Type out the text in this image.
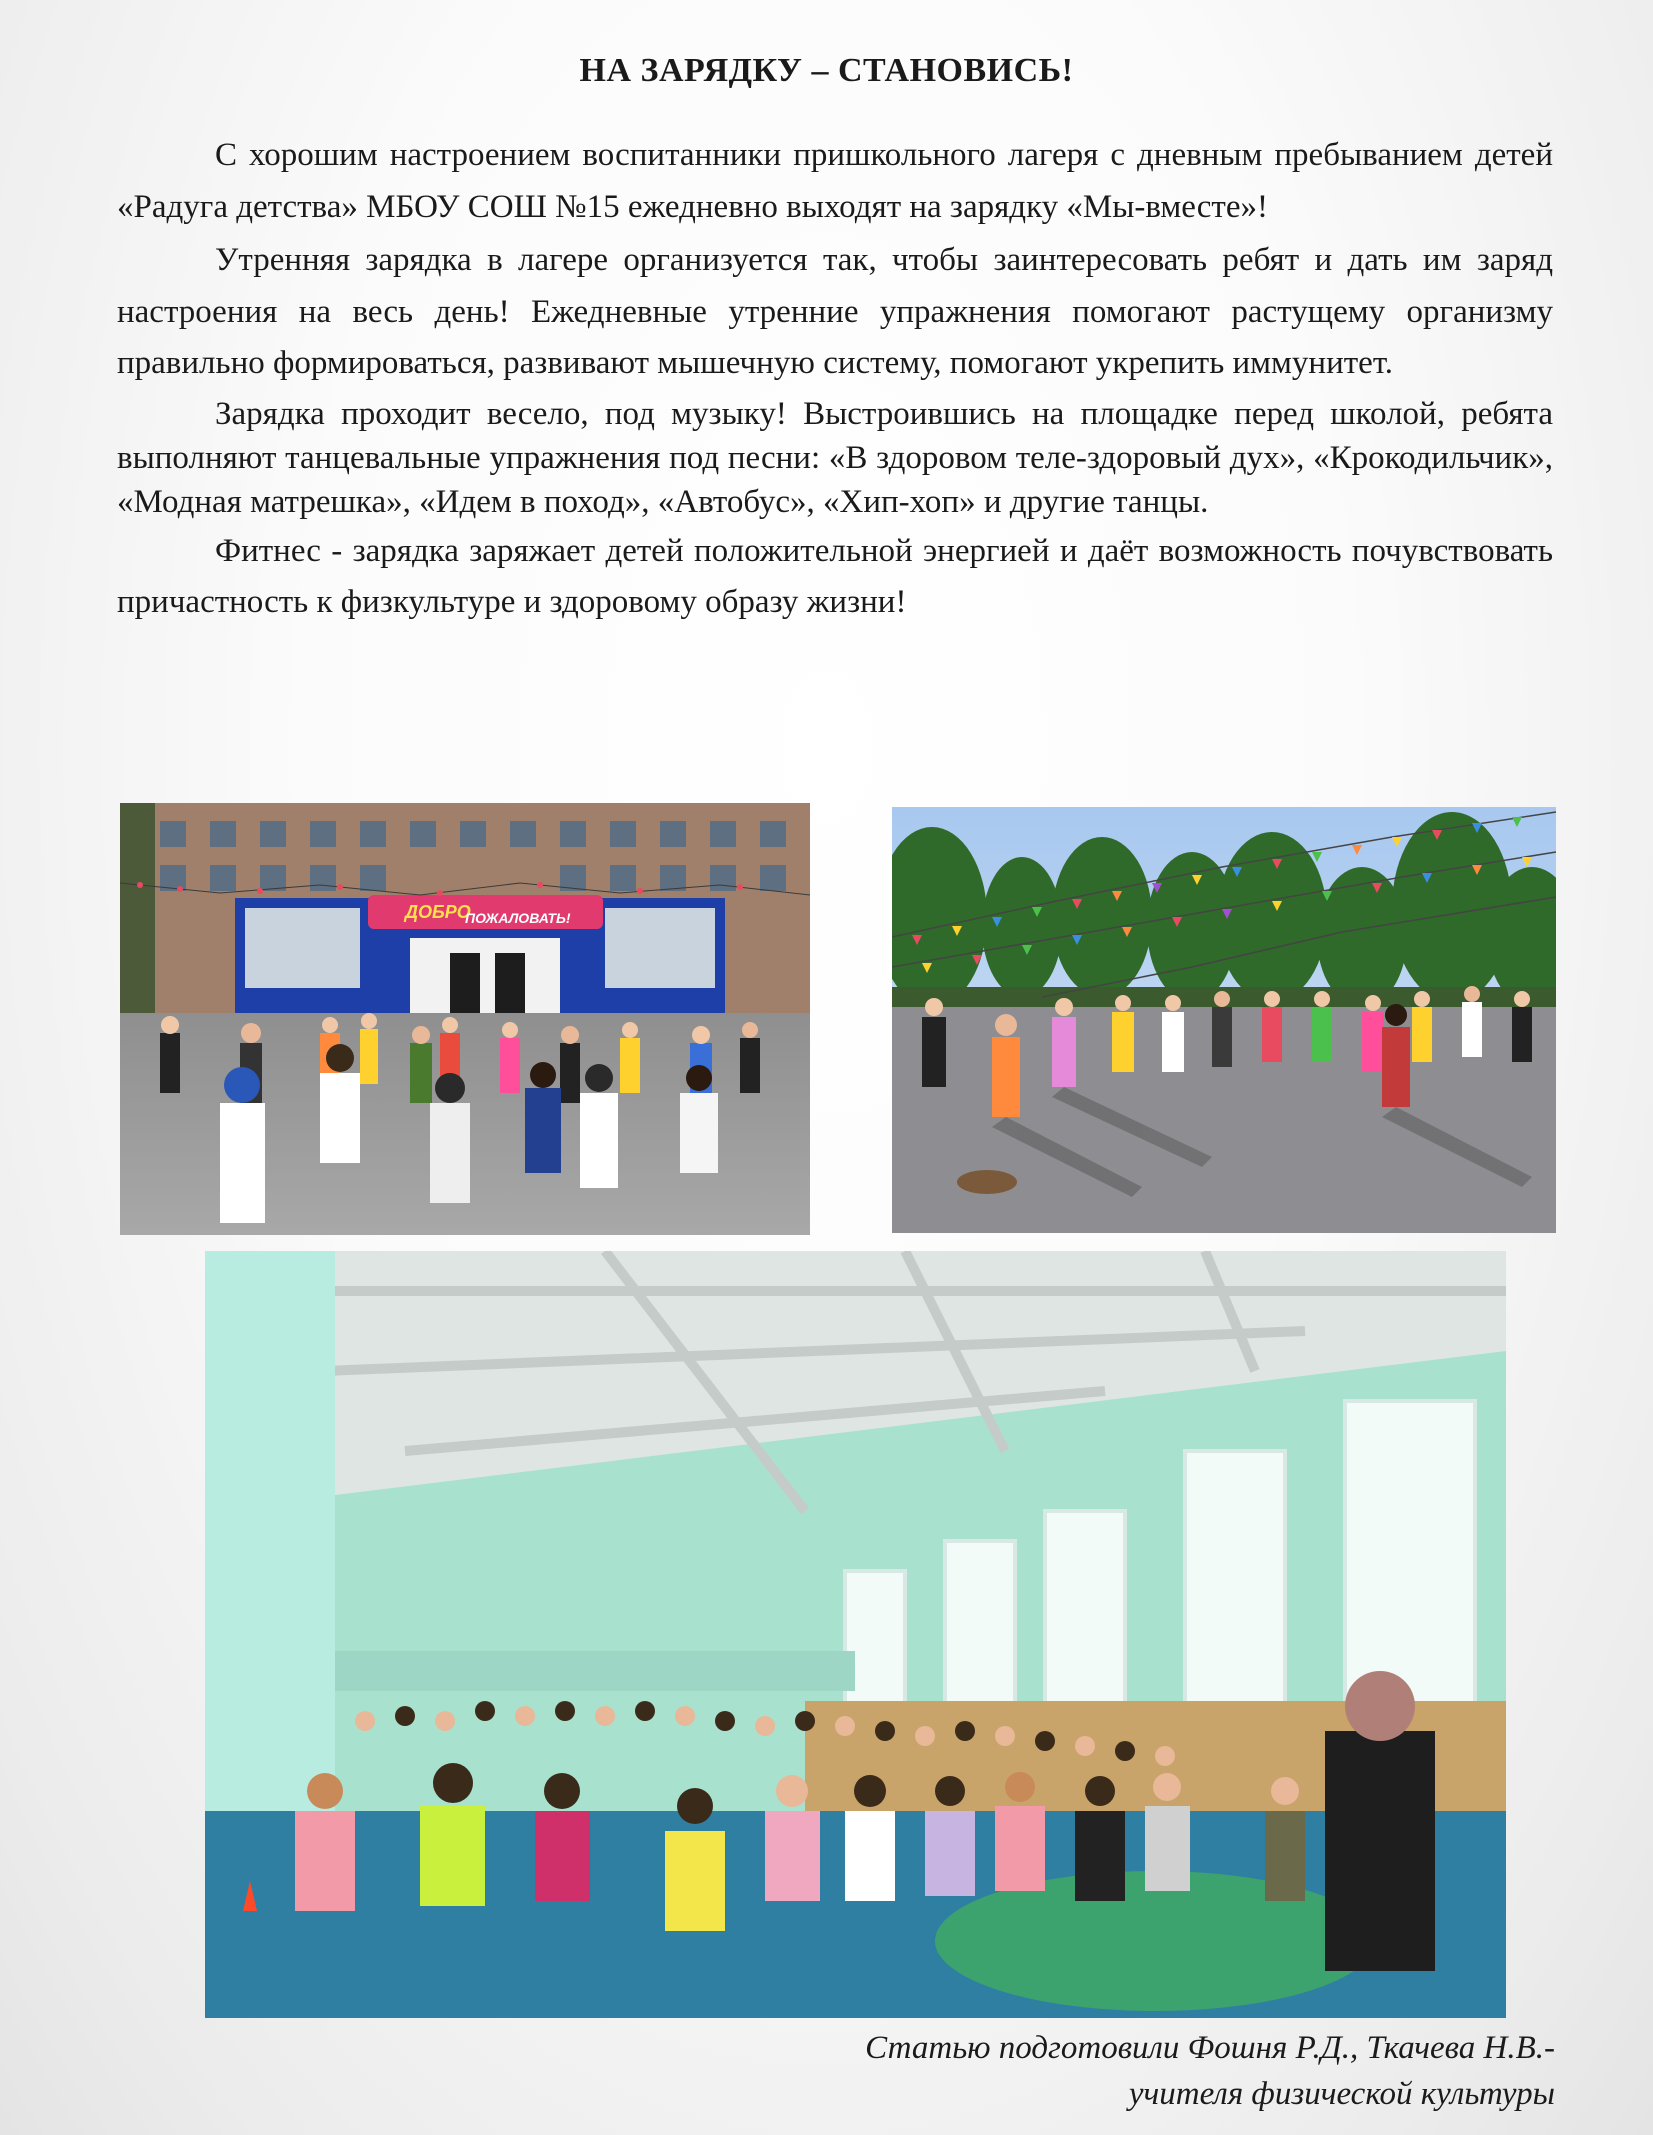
НА ЗАРЯДКУ – СТАНОВИСЬ!

С хорошим настроением воспитанники пришкольного лагеря с дневным пребыванием детей «Радуга детства» МБОУ СОШ №15 ежедневно выходят на зарядку «Мы-вместе»!

Утренняя зарядка в лагере организуется так, чтобы заинтересовать ребят и дать им заряд настроения на весь день! Ежедневные утренние упражнения помогают растущему организму правильно формироваться, развивают мышечную систему, помогают укрепить иммунитет.

Зарядка проходит весело, под музыку! Выстроившись на площадке перед школой, ребята выполняют танцевальные упражнения под песни: «В здоровом теле-здоровый дух», «Крокодильчик», «Модная матрешка», «Идем в поход», «Автобус», «Хип-хоп» и другие танцы.

Фитнес - зарядка заряжает детей положительной энергией и даёт возможность почувствовать причастность к физкультуре и здоровому образу жизни!

ДОБРО
ПОЖАЛОВАТЬ!
Статью подготовили Фошня Р.Д., Ткачева Н.В.-
учителя физической культуры
